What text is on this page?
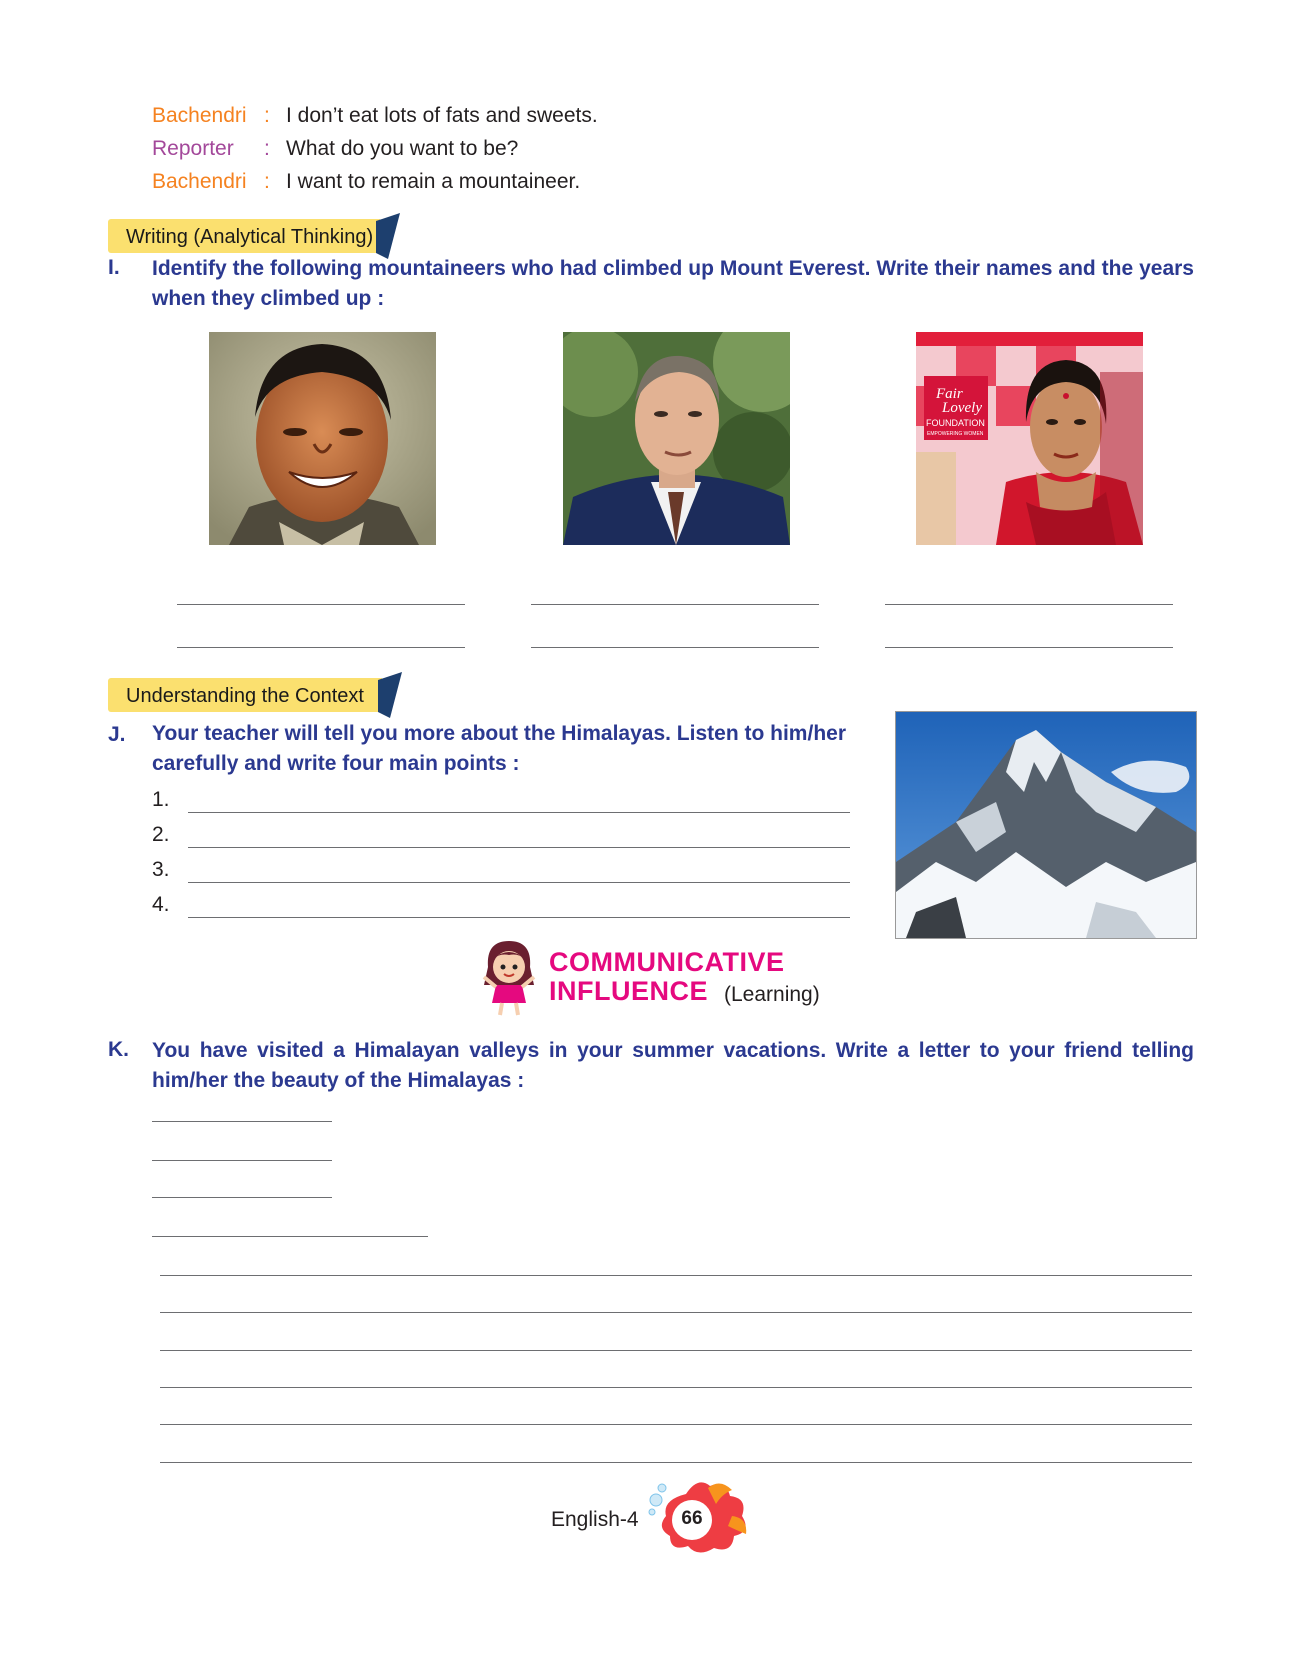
Bachendri : I don’t eat lots of fats and sweets.
Reporter	: What do you want to be?
Bachendri : I want to remain a mountaineer.
Writing (Analytical Thinking)
I. Identify the following mountaineers who had climbed up Mount Everest. Write their names and the years when they climbed up :
Fair
Lovely
FOUNDATION
EMPOWERING WOMEN
Understanding the Context
J. Your teacher will tell you more about the Himalayas. Listen to him/her carefully and write four main points :
1.
2.
3.
4.
COMMUNICATIVE
INFLUENCE (Learning)
K. You have visited a Himalayan valleys in your summer vacations. Write a letter to your friend telling him/her the beauty of the Himalayas :
English-4	66
